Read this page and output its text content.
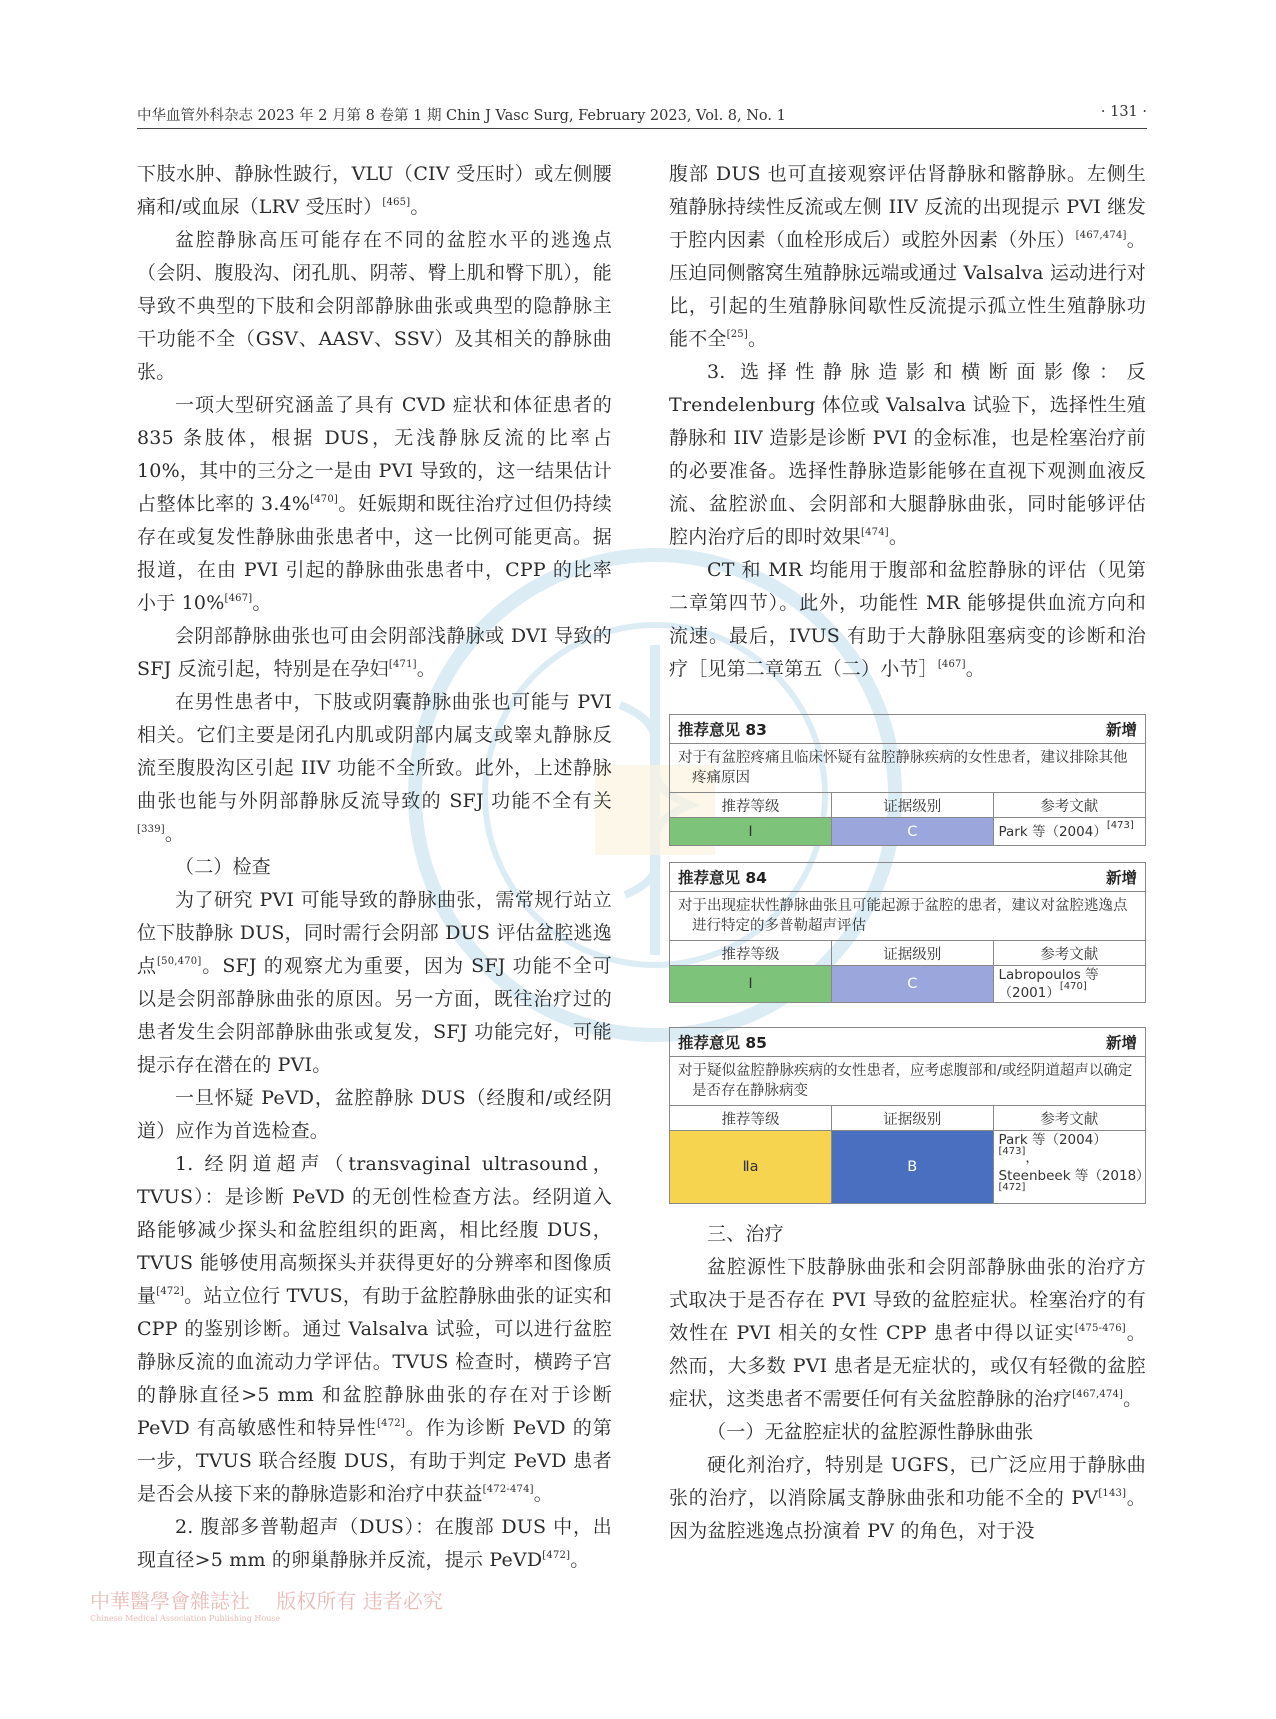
中华血管外科杂志 2023 年 2 月第 8 卷第 1 期 Chin J Vasc Surg, February 2023, Vol. 8, No. 1	· 131 ·

下肢水肿、静脉性跛行，VLU（CIV 受压时）或左侧腰痛和/或血尿（LRV 受压时）[465]。

盆腔静脉高压可能存在不同的盆腔水平的逃逸点（会阴、腹股沟、闭孔肌、阴蒂、臀上肌和臀下肌），能导致不典型的下肢和会阴部静脉曲张或典型的隐静脉主干功能不全（GSV、AASV、SSV）及其相关的静脉曲张。

一项大型研究涵盖了具有 CVD 症状和体征患者的 835 条肢体，根据 DUS，无浅静脉反流的比率占 10%，其中的三分之一是由 PVI 导致的，这一结果估计占整体比率的 3.4%[470]。妊娠期和既往治疗过但仍持续存在或复发性静脉曲张患者中，这一比例可能更高。据报道，在由 PVI 引起的静脉曲张患者中，CPP 的比率小于 10%[467]。

会阴部静脉曲张也可由会阴部浅静脉或 DVI 导致的 SFJ 反流引起，特别是在孕妇[471]。

在男性患者中，下肢或阴囊静脉曲张也可能与 PVI 相关。它们主要是闭孔内肌或阴部内属支或睾丸静脉反流至腹股沟区引起 IIV 功能不全所致。此外，上述静脉曲张也能与外阴部静脉反流导致的 SFJ 功能不全有关[339]。

（二）检查

为了研究 PVI 可能导致的静脉曲张，需常规行站立位下肢静脉 DUS，同时需行会阴部 DUS 评估盆腔逃逸点[50,470]。SFJ 的观察尤为重要，因为 SFJ 功能不全可以是会阴部静脉曲张的原因。另一方面，既往治疗过的患者发生会阴部静脉曲张或复发，SFJ 功能完好，可能提示存在潜在的 PVI。

一旦怀疑 PeVD，盆腔静脉 DUS（经腹和/或经阴道）应作为首选检查。

1. 经阴道超声（transvaginal ultrasound，TVUS）：是诊断 PeVD 的无创性检查方法。经阴道入路能够减少探头和盆腔组织的距离，相比经腹 DUS，TVUS 能够使用高频探头并获得更好的分辨率和图像质量[472]。站立位行 TVUS，有助于盆腔静脉曲张的证实和 CPP 的鉴别诊断。通过 Valsalva 试验，可以进行盆腔静脉反流的血流动力学评估。TVUS 检查时，横跨子宫的静脉直径>5 mm 和盆腔静脉曲张的存在对于诊断 PeVD 有高敏感性和特异性[472]。作为诊断 PeVD 的第一步，TVUS 联合经腹 DUS，有助于判定 PeVD 患者是否会从接下来的静脉造影和治疗中获益[472-474]。

2. 腹部多普勒超声（DUS）：在腹部 DUS 中，出现直径>5 mm 的卵巢静脉并反流，提示 PeVD[472]。

腹部 DUS 也可直接观察评估肾静脉和髂静脉。左侧生殖静脉持续性反流或左侧 IIV 反流的出现提示 PVI 继发于腔内因素（血栓形成后）或腔外因素（外压）[467,474]。压迫同侧髂窝生殖静脉远端或通过 Valsalva 运动进行对比，引起的生殖静脉间歇性反流提示孤立性生殖静脉功能不全[25]。

3. 选择性静脉造影和横断面影像：反 Trendelenburg 体位或 Valsalva 试验下，选择性生殖静脉和 IIV 造影是诊断 PVI 的金标准，也是栓塞治疗前的必要准备。选择性静脉造影能够在直视下观测血液反流、盆腔淤血、会阴部和大腿静脉曲张，同时能够评估腔内治疗后的即时效果[474]。

CT 和 MR 均能用于腹部和盆腔静脉的评估（见第二章第四节）。此外，功能性 MR 能够提供血流方向和流速。最后，IVUS 有助于大静脉阻塞病变的诊断和治疗［见第二章第五（二）小节］[467]。

推荐意见 83	新增
对于有盆腔疼痛且临床怀疑有盆腔静脉疾病的女性患者，建议排除其他疼痛原因
推荐等级	证据级别	参考文献
I	C	Park 等（2004）[473]
推荐意见 84	新增
对于出现症状性静脉曲张且可能起源于盆腔的患者，建议对盆腔逃逸点进行特定的多普勒超声评估
推荐等级	证据级别	参考文献
I	C	Labropoulos 等（2001）[470]
推荐意见 85	新增
对于疑似盆腔静脉疾病的女性患者，应考虑腹部和/或经阴道超声以确定是否存在静脉病变
推荐等级	证据级别	参考文献
Ⅱa	B	Park 等（2004）[473]，
Steenbeek 等（2018）[472]

三、治疗

盆腔源性下肢静脉曲张和会阴部静脉曲张的治疗方式取决于是否存在 PVI 导致的盆腔症状。栓塞治疗的有效性在 PVI 相关的女性 CPP 患者中得以证实[475-476]。然而，大多数 PVI 患者是无症状的，或仅有轻微的盆腔症状，这类患者不需要任何有关盆腔静脉的治疗[467,474]。

（一）无盆腔症状的盆腔源性静脉曲张

硬化剂治疗，特别是 UGFS，已广泛应用于静脉曲张的治疗，以消除属支静脉曲张和功能不全的 PV[143]。因为盆腔逃逸点扮演着 PV 的角色，对于没

中華醫學會雜誌社 版权所有 违者必究
Chinese Medical Association Publishing House
